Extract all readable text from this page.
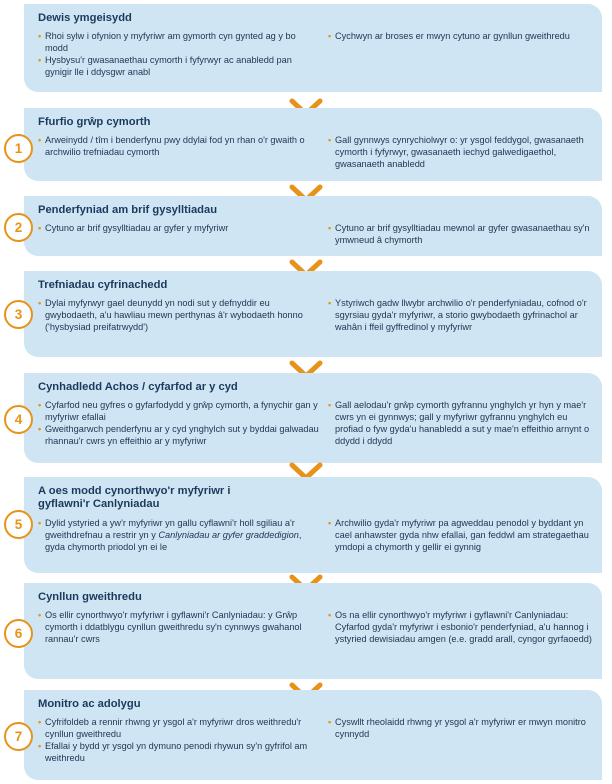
Dewis ymgeisydd
• Rhoi sylw i ofynion y myfyriwr am gymorth cyn gynted ag y bo modd
• Hysbysu'r gwasanaethau cymorth i fyfyrwyr ac anabledd pan gynigir lle i ddysgwr anabl
• Cychwyn ar broses er mwyn cytuno ar gynllun gweithredu
Ffurfio grŵp cymorth
• Arweinydd / tîm i benderfynu pwy ddylai fod yn rhan o'r gwaith o archwilio trefniadau cymorth
• Gall gynnwys cynrychiolwyr o: yr ysgol feddygol, gwasanaeth cymorth i fyfyrwyr, gwasanaeth iechyd galwedigaethol, gwasanaeth anabledd
1
Penderfyniad am brif gysylltiadau
• Cytuno ar brif gysylltiadau ar gyfer y myfyriwr	• Cytuno ar brif gysylltiadau mewnol ar gyfer gwasanaethau sy'n ymwneud â chymorth
2
Trefniadau cyfrinachedd
• Dylai myfyrwyr gael deunydd yn nodi sut y defnyddir eu gwybodaeth, a'u hawliau mewn perthynas â'r wybodaeth honno ('hysbysiad preifatrwydd')
• Ystyriwch gadw llwybr archwilio o'r penderfyniadau, cofnod o'r sgyrsiau gyda'r myfyriwr, a storio gwybodaeth gyfrinachol ar wahân i ffeil gyffredinol y myfyriwr
3
Cynhadledd Achos / cyfarfod ar y cyd
• Cyfarfod neu gyfres o gyfarfodydd y grŵp cymorth, a fynychir gan y myfyriwr efallai
• Gweithgarwch penderfynu ar y cyd ynghylch sut y byddai galwadau rhannau'r cwrs yn effeithio ar y myfyriwr
• Gall aelodau'r grŵp cymorth gyfrannu ynghylch yr hyn y mae'r cwrs yn ei gynnwys; gall y myfyriwr gyfrannu ynghylch eu profiad o fyw gyda'u hanabledd a sut y mae'n effeithio arnynt o ddydd i ddydd
4
A oes modd cynorthwyo'r myfyriwr i
gyflawni'r Canlyniadau
• Dylid ystyried a yw'r myfyriwr yn gallu cyflawni'r holl sgiliau a'r gweithdrefnau a restrir yn y Canlyniadau ar gyfer graddedigion, gyda chymorth priodol yn ei le
• Archwilio gyda'r myfyriwr pa agweddau penodol y byddant yn cael anhawster gyda nhw efallai, gan feddwl am strategaethau ymdopi a chymorth y gellir ei gynnig
5
Cynllun gweithredu
• Os ellir cynorthwyo'r myfyriwr i gyflawni'r Canlyniadau: y Grŵp cymorth i ddatblygu cynllun gweithredu sy'n cynnwys gwahanol rannau'r cwrs
• Os na ellir cynorthwyo'r myfyriwr i gyflawni'r Canlyniadau: Cyfarfod gyda'r myfyriwr i esbonio'r penderfyniad, a'u hannog i ystyried dewisiadau amgen (e.e. gradd arall, cyngor gyrfaoedd)
6
Monitro ac adolygu
• Cyfrifoldeb a rennir rhwng yr ysgol a'r myfyriwr dros weithredu'r cynllun gweithredu
• Efallai y bydd yr ysgol yn dymuno penodi rhywun sy'n gyfrifol am weithredu
• Cyswllt rheolaidd rhwng yr ysgol a'r myfyriwr er mwyn monitro cynnydd
7
